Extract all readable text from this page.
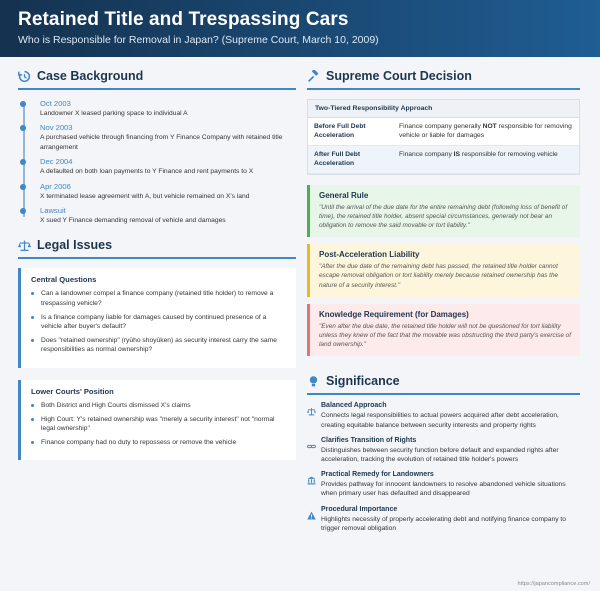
Retained Title and Trespassing Cars
Who is Responsible for Removal in Japan? (Supreme Court, March 10, 2009)
Case Background
Oct 2003
Landowner X leased parking space to individual A
Nov 2003
A purchased vehicle through financing from Y Finance Company with retained title arrangement
Dec 2004
A defaulted on both loan payments to Y Finance and rent payments to X
Apr 2006
X terminated lease agreement with A, but vehicle remained on X's land
Lawsuit
X sued Y Finance demanding removal of vehicle and damages
Legal Issues
Central Questions
Can a landowner compel a finance company (retained title holder) to remove a trespassing vehicle?
Is a finance company liable for damages caused by continued presence of a vehicle after buyer's default?
Does "retained ownership" (ryūho shoyūken) as security interest carry the same responsibilities as normal ownership?
Lower Courts' Position
Both District and High Courts dismissed X's claims
High Court: Y's retained ownership was "merely a security interest" not "normal legal ownership"
Finance company had no duty to repossess or remove the vehicle
Supreme Court Decision
Two-Tiered Responsibility Approach
Before Full Debt Acceleration	Finance company generally NOT responsible for removing vehicle or liable for damages
After Full Debt Acceleration	Finance company IS responsible for removing vehicle
General Rule
"Until the arrival of the due date for the entire remaining debt (following loss of benefit of time), the retained title holder, absent special circumstances, generally not bear an obligation to remove the said movable or tort liability."
Post-Acceleration Liability
"After the due date of the remaining debt has passed, the retained title holder cannot escape removal obligation or tort liability merely because retained ownership has the nature of a security interest."
Knowledge Requirement (for Damages)
"Even after the due date, the retained title holder will not be questioned for tort liability unless they knew of the fact that the movable was obstructing the third party's exercise of land ownership."
Significance
Balanced Approach
Connects legal responsibilities to actual powers acquired after debt acceleration, creating equitable balance between security interests and property rights
Clarifies Transition of Rights
Distinguishes between security function before default and expanded rights after acceleration, tracking the evolution of retained title holder's powers
Practical Remedy for Landowners
Provides pathway for innocent landowners to resolve abandoned vehicle situations when primary user has defaulted and disappeared
Procedural Importance
Highlights necessity of properly accelerating debt and notifying finance company to trigger removal obligation
https://japancompliance.com/
